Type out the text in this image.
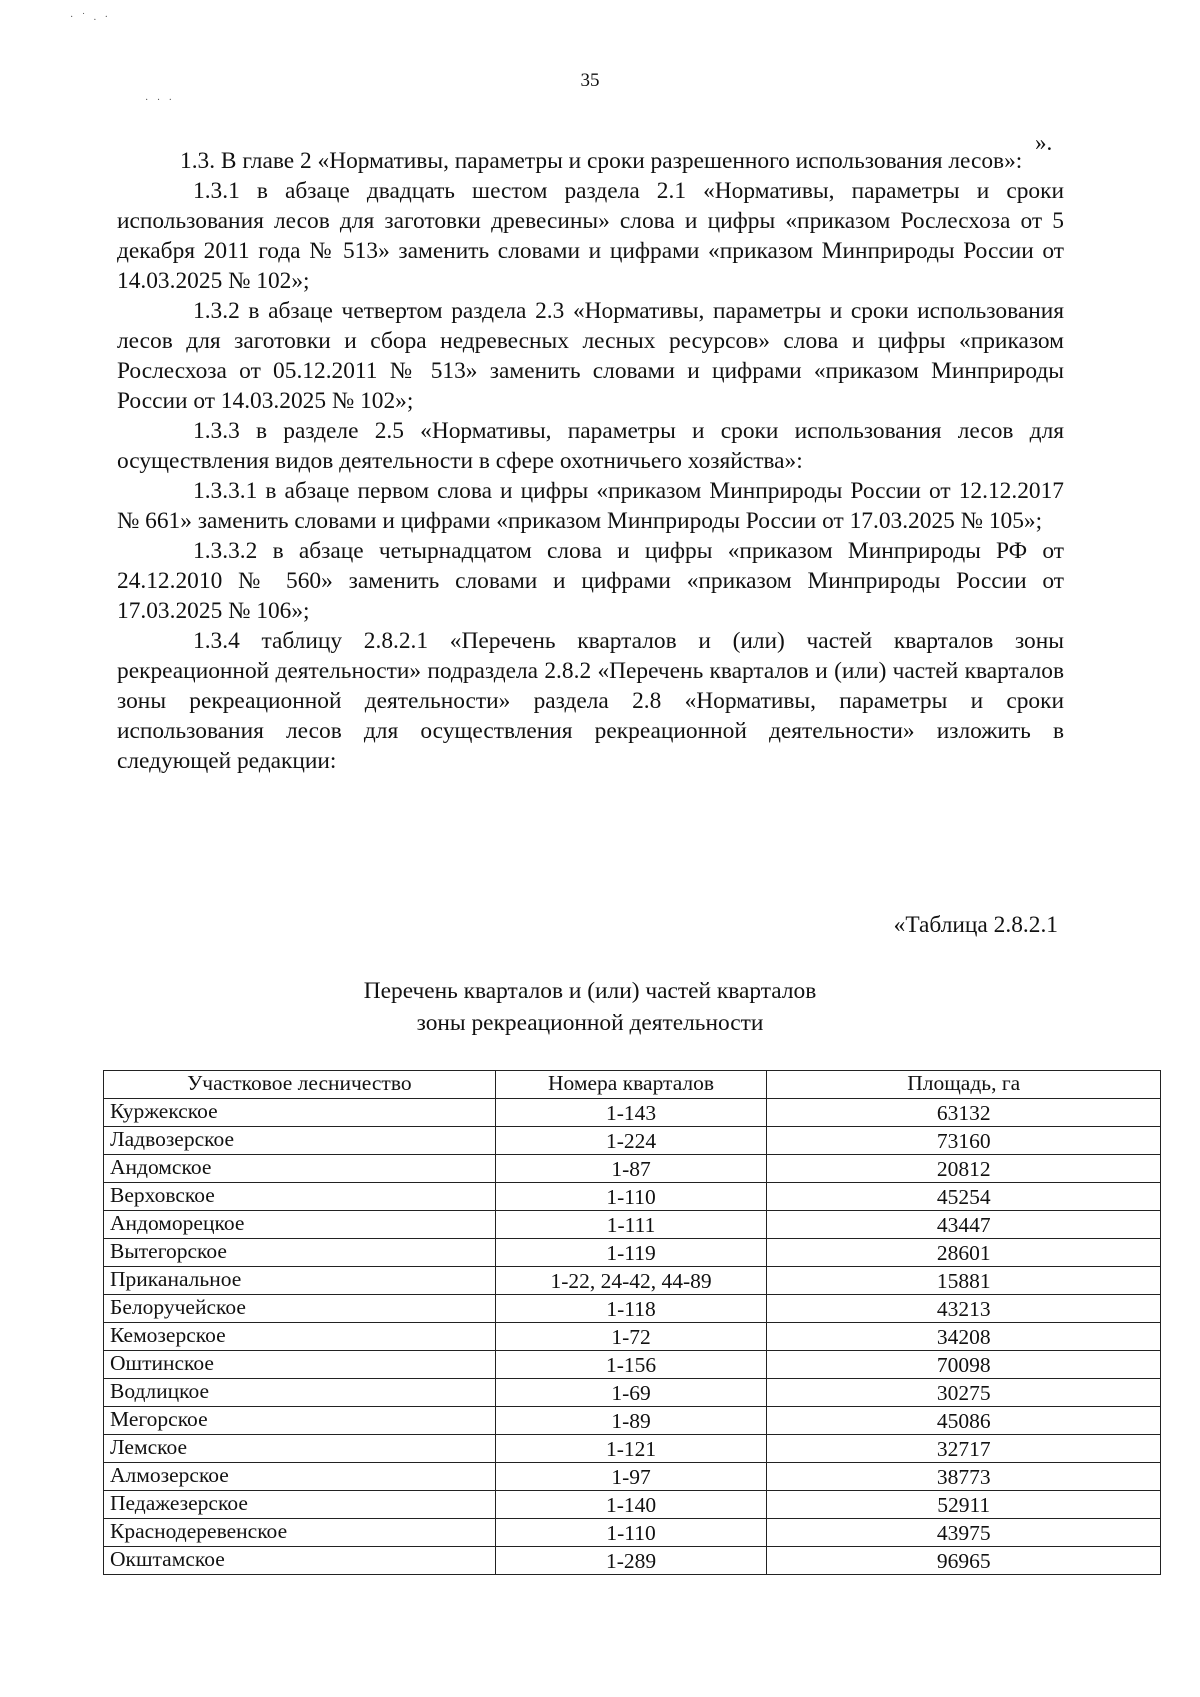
· ˙ . ·
· · ·
35
».

1.3. В главе 2 «Нормативы, параметры и сроки разрешенного использования лесов»:

1.3.1 в абзаце двадцать шестом раздела 2.1 «Нормативы, параметры и сроки использования лесов для заготовки древесины» слова и цифры «приказом Рослесхоза от 5 декабря 2011 года № 513» заменить словами и цифрами «приказом Минприроды России от 14.03.2025 № 102»;

1.3.2 в абзаце четвертом раздела 2.3 «Нормативы, параметры и сроки использования лесов для заготовки и сбора недревесных лесных ресурсов» слова и цифры «приказом Рослесхоза от 05.12.2011 № 513» заменить словами и цифрами «приказом Минприроды России от 14.03.2025 № 102»;

1.3.3 в разделе 2.5 «Нормативы, параметры и сроки использования лесов для осуществления видов деятельности в сфере охотничьего хозяйства»:

1.3.3.1 в абзаце первом слова и цифры «приказом Минприроды России от 12.12.2017 № 661» заменить словами и цифрами «приказом Минприроды России от 17.03.2025 № 105»;

1.3.3.2 в абзаце четырнадцатом слова и цифры «приказом Минприроды РФ от 24.12.2010 № 560» заменить словами и цифрами «приказом Минприроды России от 17.03.2025 № 106»;

1.3.4 таблицу 2.8.2.1 «Перечень кварталов и (или) частей кварталов зоны рекреационной деятельности» подраздела 2.8.2 «Перечень кварталов и (или) частей кварталов зоны рекреационной деятельности» раздела 2.8 «Нормативы, параметры и сроки использования лесов для осуществления рекреационной деятельности» изложить в следующей редакции:

«Таблица 2.8.2.1
Перечень кварталов и (или) частей кварталов
зоны рекреационной деятельности
Участковое лесничество	Номера кварталов	Площадь, га
Куржекское	1-143	63132
Ладвозерское	1-224	73160
Андомское	1-87	20812
Верховское	1-110	45254
Андоморецкое	1-111	43447
Вытегорское	1-119	28601
Приканальное	1-22, 24-42, 44-89	15881
Белоручейское	1-118	43213
Кемозерское	1-72	34208
Оштинское	1-156	70098
Водлицкое	1-69	30275
Мегорское	1-89	45086
Лемское	1-121	32717
Алмозерское	1-97	38773
Педажезерское	1-140	52911
Краснодеревенское	1-110	43975
Окштамское	1-289	96965
